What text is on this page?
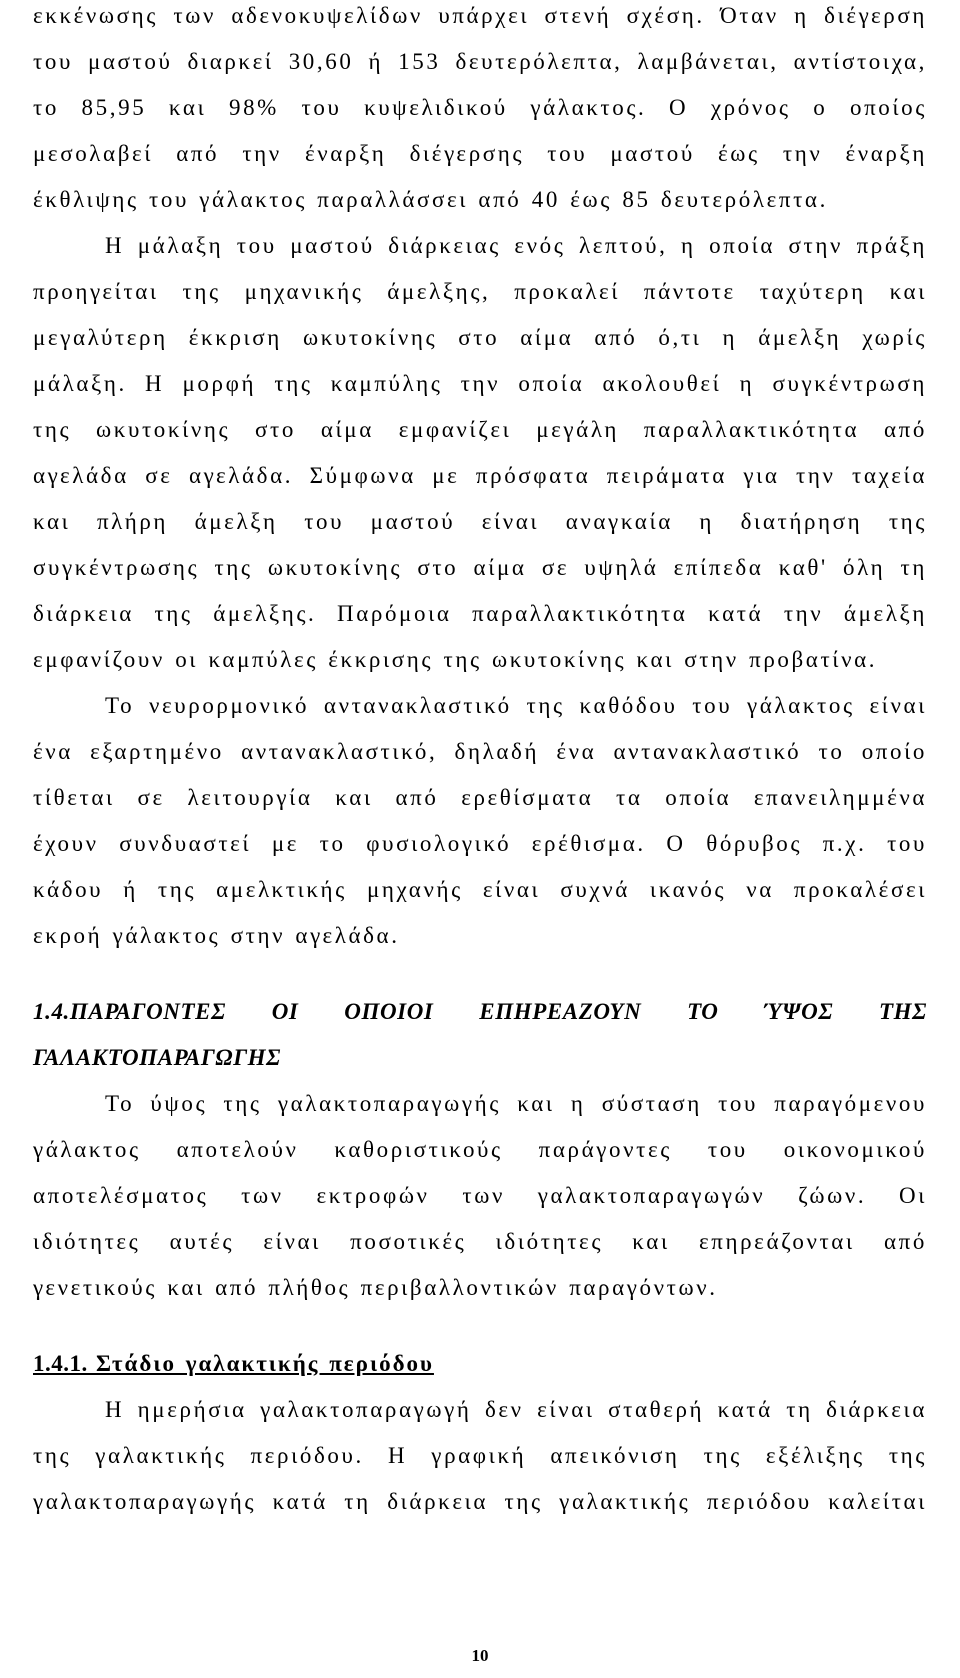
εκκένωσης των αδενοκυψελίδων υπάρχει στενή σχέση. Όταν η διέγερση

του μαστού διαρκεί 30,60 ή 153 δευτερόλεπτα, λαμβάνεται, αντίστοιχα,

το 85,95 και 98% του κυψελιδικού γάλακτος. Ο χρόνος ο οποίος

μεσολαβεί από την έναρξη διέγερσης του μαστού έως την έναρξη

έκθλιψης του γάλακτος παραλλάσσει από 40 έως 85 δευτερόλεπτα.

Η μάλαξη του μαστού διάρκειας ενός λεπτού, η οποία στην πράξη

προηγείται της μηχανικής άμελξης, προκαλεί πάντοτε ταχύτερη και

μεγαλύτερη έκκριση ωκυτοκίνης στο αίμα από ό,τι η άμελξη χωρίς

μάλαξη. Η μορφή της καμπύλης την οποία ακολουθεί η συγκέντρωση

της ωκυτοκίνης στο αίμα εμφανίζει μεγάλη παραλλακτικότητα από

αγελάδα σε αγελάδα. Σύμφωνα με πρόσφατα πειράματα για την ταχεία

και πλήρη άμελξη του μαστού είναι αναγκαία η διατήρηση της

συγκέντρωσης της ωκυτοκίνης στο αίμα σε υψηλά επίπεδα καθ' όλη τη

διάρκεια της άμελξης. Παρόμοια παραλλακτικότητα κατά την άμελξη

εμφανίζουν οι καμπύλες έκκρισης της ωκυτοκίνης και στην προβατίνα.

Το νευρορμονικό αντανακλαστικό της καθόδου του γάλακτος είναι

ένα εξαρτημένο αντανακλαστικό, δηλαδή ένα αντανακλαστικό το οποίο

τίθεται σε λειτουργία και από ερεθίσματα τα οποία επανειλημμένα

έχουν συνδυαστεί με το φυσιολογικό ερέθισμα. Ο θόρυβος π.χ. του

κάδου ή της αμελκτικής μηχανής είναι συχνά ικανός να προκαλέσει

εκροή γάλακτος στην αγελάδα.

1.4.ΠΑΡΑΓΟΝΤΕΣ ΟΙ ΟΠΟΙΟΙ ΕΠΗΡΕΑΖΟΥΝ ΤΟ ΎΨΟΣ ΤΗΣ

ΓΑΛΑΚΤΟΠΑΡΑΓΩΓΗΣ

Το ύψος της γαλακτοπαραγωγής και η σύσταση του παραγόμενου

γάλακτος αποτελούν καθοριστικούς παράγοντες του οικονομικού

αποτελέσματος των εκτροφών των γαλακτοπαραγωγών ζώων. Οι

ιδιότητες αυτές είναι ποσοτικές ιδιότητες και επηρεάζονται από

γενετικούς και από πλήθος περιβαλλοντικών παραγόντων.

1.4.1. Στάδιο γαλακτικής περιόδου

Η ημερήσια γαλακτοπαραγωγή δεν είναι σταθερή κατά τη διάρκεια

της γαλακτικής περιόδου. Η γραφική απεικόνιση της εξέλιξης της

γαλακτοπαραγωγής κατά τη διάρκεια της γαλακτικής περιόδου καλείται

10
